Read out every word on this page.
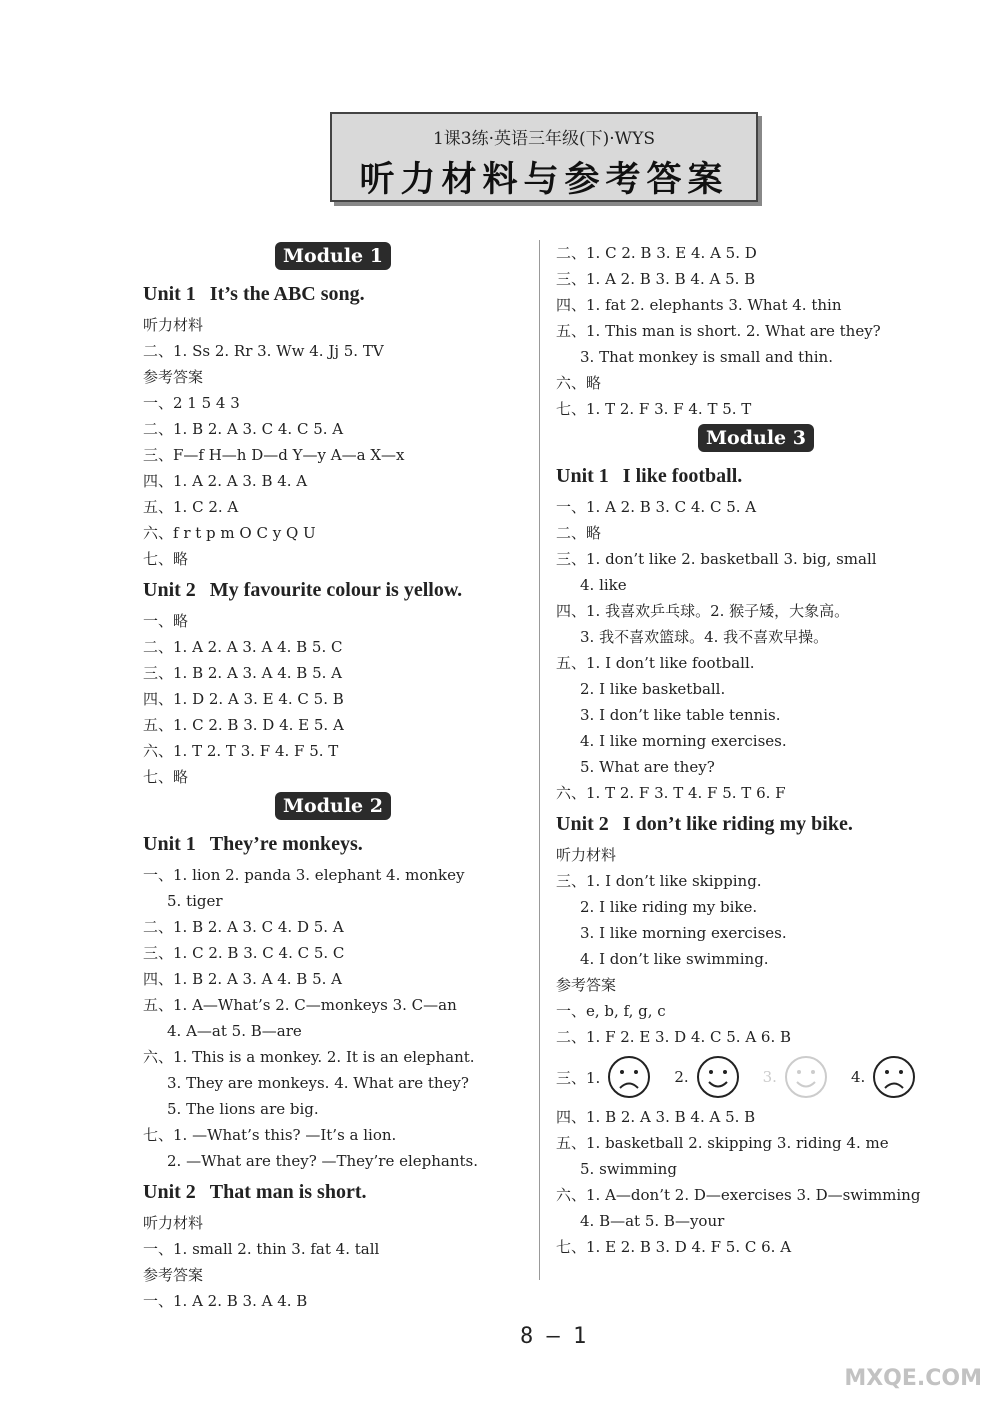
1课3练·英语三年级(下)·WYS
听力材料与参考答案
Module 1
Unit 1 It’s the ABC song.
听力材料
二、1. Ss 2. Rr 3. Ww 4. Jj 5. TV
参考答案
一、2 1 5 4 3
二、1. B 2. A 3. C 4. C 5. A
三、F—f H—h D—d Y—y A—a X—x
四、1. A 2. A 3. B 4. A
五、1. C 2. A
六、f r t p m O C y Q U
七、略
Unit 2 My favourite colour is yellow.
一、略
二、1. A 2. A 3. A 4. B 5. C
三、1. B 2. A 3. A 4. B 5. A
四、1. D 2. A 3. E 4. C 5. B
五、1. C 2. B 3. D 4. E 5. A
六、1. T 2. T 3. F 4. F 5. T
七、略
Module 2
Unit 1 They’re monkeys.
一、1. lion 2. panda 3. elephant 4. monkey
5. tiger
二、1. B 2. A 3. C 4. D 5. A
三、1. C 2. B 3. C 4. C 5. C
四、1. B 2. A 3. A 4. B 5. A
五、1. A—What’s 2. C—monkeys 3. C—an
4. A—at 5. B—are
六、1. This is a monkey. 2. It is an elephant.
3. They are monkeys. 4. What are they?
5. The lions are big.
七、1. —What’s this? —It’s a lion.
2. —What are they? —They’re elephants.
Unit 2 That man is short.
听力材料
一、1. small 2. thin 3. fat 4. tall
参考答案
一、1. A 2. B 3. A 4. B
二、1. C 2. B 3. E 4. A 5. D
三、1. A 2. B 3. B 4. A 5. B
四、1. fat 2. elephants 3. What 4. thin
五、1. This man is short. 2. What are they?
3. That monkey is small and thin.
六、略
七、1. T 2. F 3. F 4. T 5. T
Module 3
Unit 1 I like football.
一、1. A 2. B 3. C 4. C 5. A
二、略
三、1. don’t like 2. basketball 3. big, small
4. like
四、1. 我喜欢乒乓球。2. 猴子矮，大象高。
3. 我不喜欢篮球。4. 我不喜欢早操。
五、1. I don’t like football.
2. I like basketball.
3. I don’t like table tennis.
4. I like morning exercises.
5. What are they?
六、1. T 2. F 3. T 4. F 5. T 6. F
Unit 2 I don’t like riding my bike.
听力材料
三、1. I don’t like skipping.
2. I like riding my bike.
3. I like morning exercises.
4. I don’t like swimming.
参考答案
一、e, b, f, g, c
二、1. F 2. E 3. D 4. C 5. A 6. B
三、1.	2.	3.	4.
四、1. B 2. A 3. B 4. A 5. B
五、1. basketball 2. skipping 3. riding 4. me
5. swimming
六、1. A—don’t 2. D—exercises 3. D—swimming
4. B—at 5. B—your
七、1. E 2. B 3. D 4. F 5. C 6. A
8 — 1
MXQE.COM
